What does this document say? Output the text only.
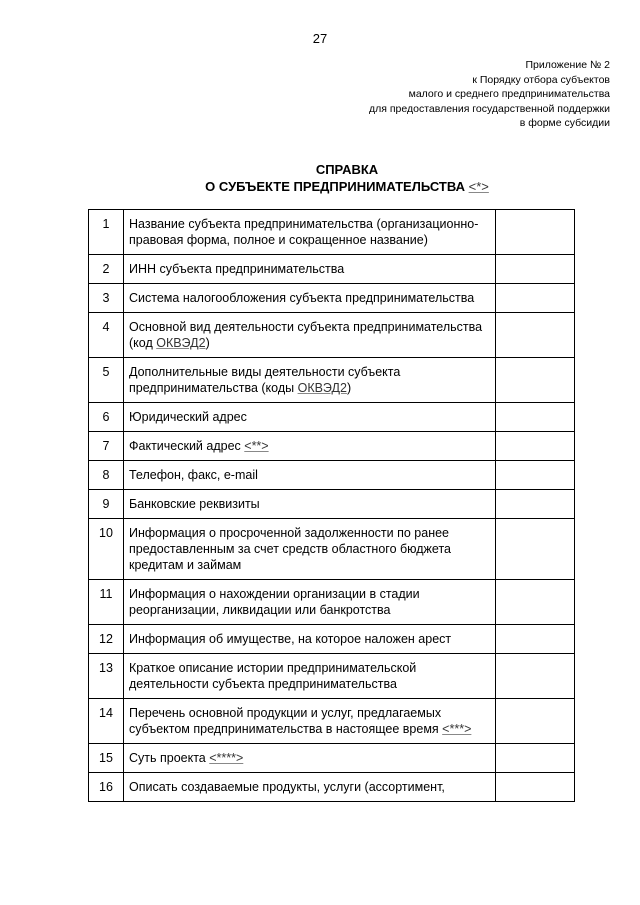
27
Приложение № 2
к Порядку отбора субъектов
малого и среднего предпринимательства
для предоставления государственной поддержки
в форме субсидии
СПРАВКА
О СУБЪЕКТЕ ПРЕДПРИНИМАТЕЛЬСТВА <*>
1	Название субъекта предпринимательства (организационно-правовая форма, полное и сокращенное название)	
2	ИНН субъекта предпринимательства	
3	Система налогообложения субъекта предпринимательства	
4	Основной вид деятельности субъекта предпринимательства (код ОКВЭД2)	
5	Дополнительные виды деятельности субъекта предпринимательства (коды ОКВЭД2)	
6	Юридический адрес	
7	Фактический адрес <**>	
8	Телефон, факс, e-mail	
9	Банковские реквизиты	
10	Информация о просроченной задолженности по ранее предоставленным за счет средств областного бюджета кредитам и займам	
11	Информация о нахождении организации в стадии реорганизации, ликвидации или банкротства	
12	Информация об имуществе, на которое наложен арест	
13	Краткое описание истории предпринимательской деятельности субъекта предпринимательства	
14	Перечень основной продукции и услуг, предлагаемых субъектом предпринимательства в настоящее время <***>	
15	Суть проекта <****>	
16	Описать создаваемые продукты, услуги (ассортимент,	
